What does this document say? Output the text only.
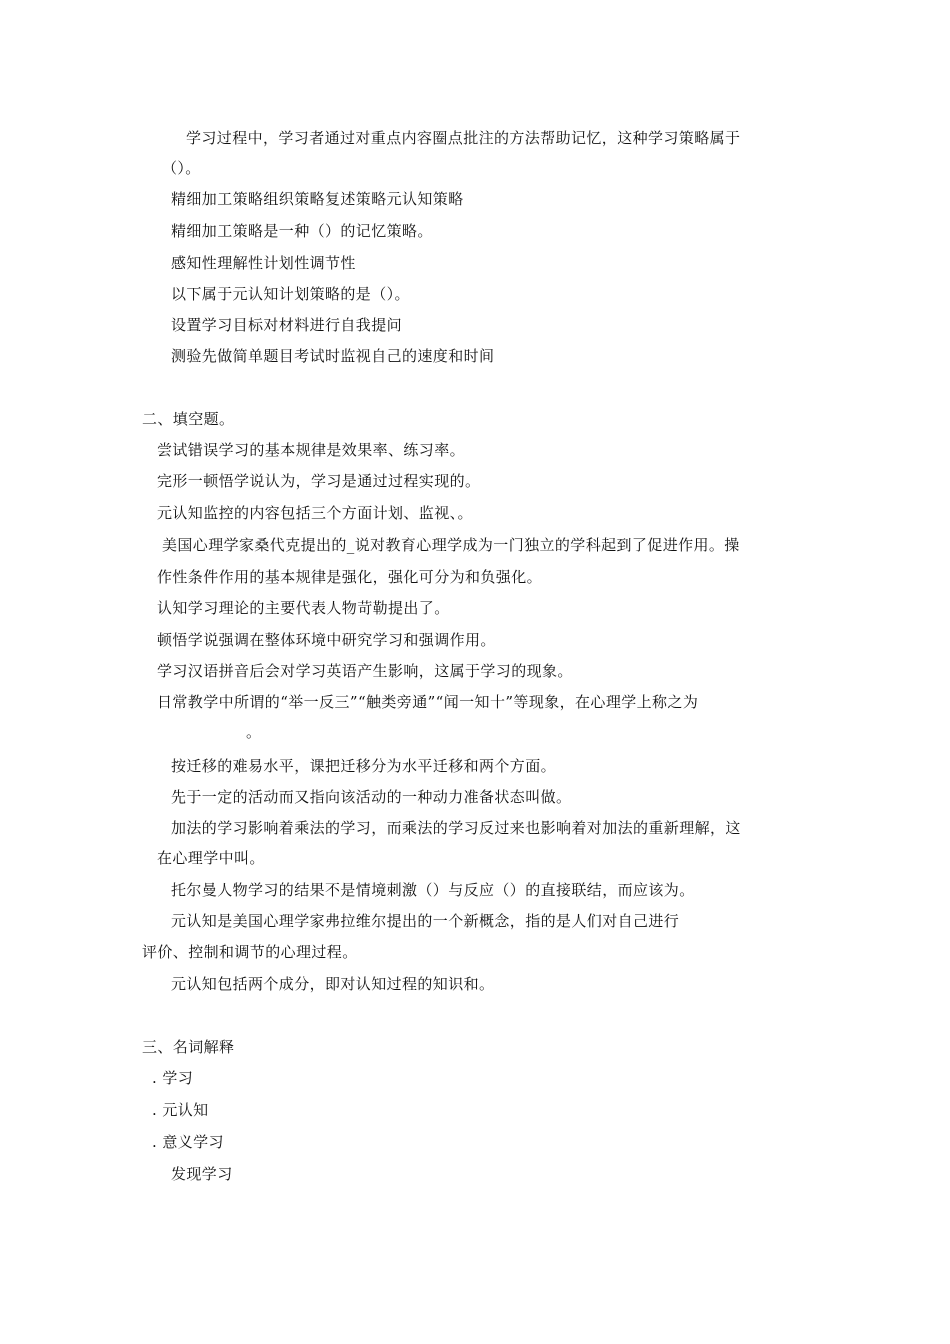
学习过程中，学习者通过对重点内容圈点批注的方法帮助记忆，这种学习策略属于
（）。
精细加工策略组织策略复述策略元认知策略
精细加工策略是一种（）的记忆策略。
感知性理解性计划性调节性
以下属于元认知计划策略的是（）。
设置学习目标对材料进行自我提问
测验先做简单题目考试时监视自己的速度和时间
二、填空题。
尝试错误学习的基本规律是效果率、练习率。
完形一顿悟学说认为，学习是通过过程实现的。
元认知监控的内容包括三个方面计划、监视、。
美国心理学家桑代克提出的_说对教育心理学成为一门独立的学科起到了促进作用。操
作性条件作用的基本规律是强化，强化可分为和负强化。
认知学习理论的主要代表人物苛勒提出了。
顿悟学说强调在整体环境中研究学习和强调作用。
学习汉语拼音后会对学习英语产生影响，这属于学习的现象。
日常教学中所谓的“举一反三”“触类旁通”“闻一知十”等现象，在心理学上称之为
。
按迁移的难易水平，课把迁移分为水平迁移和两个方面。
先于一定的活动而又指向该活动的一种动力准备状态叫做。
加法的学习影响着乘法的学习，而乘法的学习反过来也影响着对加法的重新理解，这
在心理学中叫。
托尔曼人物学习的结果不是情境刺激（）与反应（）的直接联结，而应该为。
元认知是美国心理学家弗拉维尔提出的一个新概念，指的是人们对自己进行
评价、控制和调节的心理过程。
元认知包括两个成分，即对认知过程的知识和。
三、名词解释
. 学习
. 元认知
. 意义学习
发现学习
